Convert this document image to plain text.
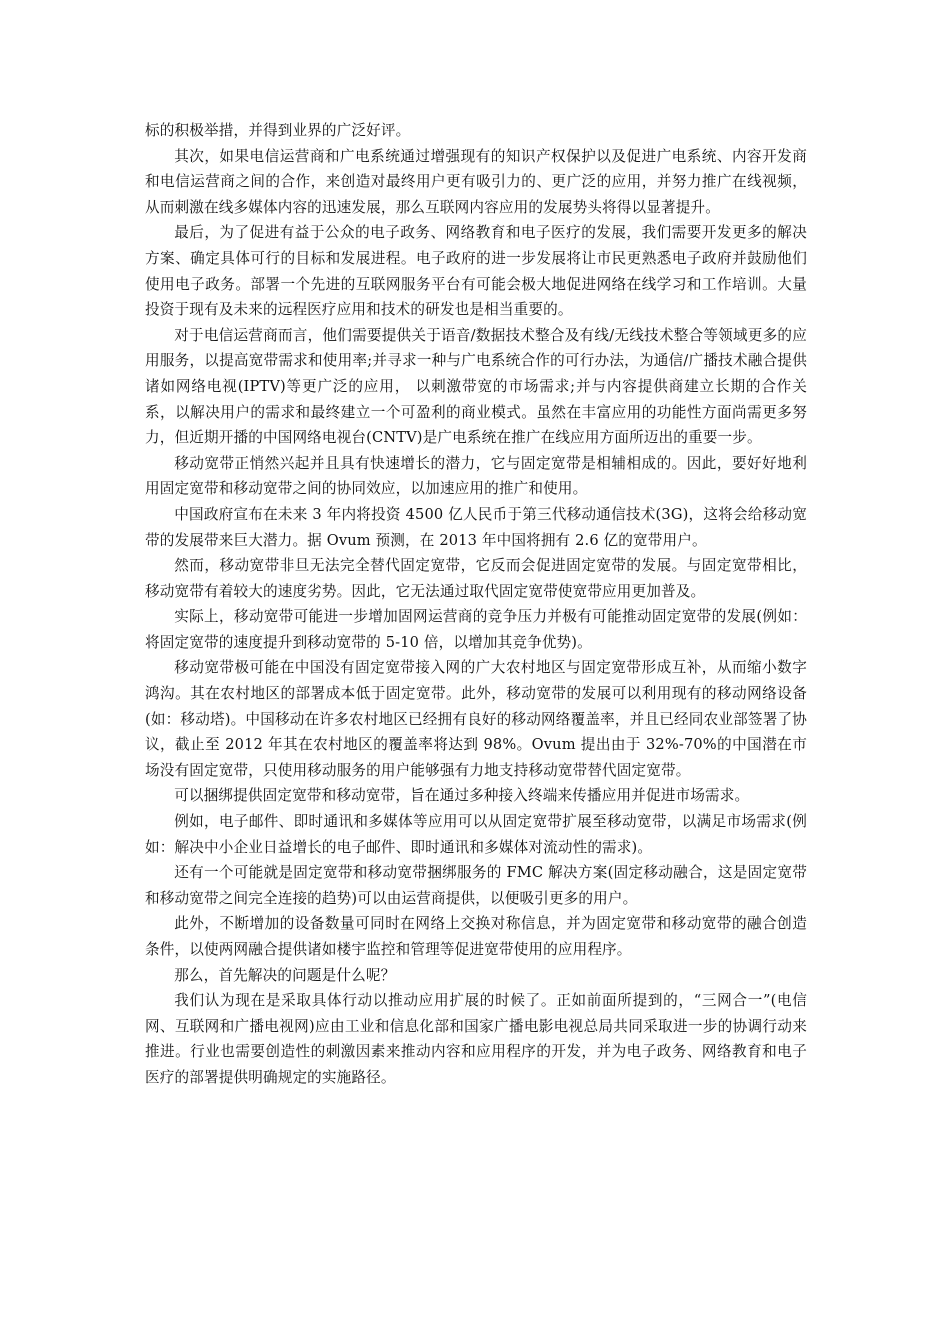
标的积极举措，并得到业界的广泛好评。

其次，如果电信运营商和广电系统通过增强现有的知识产权保护以及促进广电系统、内容开发商和电信运营商之间的合作，来创造对最终用户更有吸引力的、更广泛的应用，并努力推广在线视频，从而刺激在线多媒体内容的迅速发展，那么互联网内容应用的发展势头将得以显著提升。

最后，为了促进有益于公众的电子政务、网络教育和电子医疗的发展，我们需要开发更多的解决方案、确定具体可行的目标和发展进程。电子政府的进一步发展将让市民更熟悉电子政府并鼓励他们使用电子政务。部署一个先进的互联网服务平台有可能会极大地促进网络在线学习和工作培训。大量投资于现有及未来的远程医疗应用和技术的研发也是相当重要的。

对于电信运营商而言，他们需要提供关于语音/数据技术整合及有线/无线技术整合等领域更多的应用服务，以提高宽带需求和使用率;并寻求一种与广电系统合作的可行办法，为通信/广播技术融合提供诸如网络电视(IPTV)等更广泛的应用， 以刺激带宽的市场需求;并与内容提供商建立长期的合作关系，以解决用户的需求和最终建立一个可盈利的商业模式。虽然在丰富应用的功能性方面尚需更多努力，但近期开播的中国网络电视台(CNTV)是广电系统在推广在线应用方面所迈出的重要一步。

移动宽带正悄然兴起并且具有快速增长的潜力，它与固定宽带是相辅相成的。因此，要好好地利用固定宽带和移动宽带之间的协同效应，以加速应用的推广和使用。

中国政府宣布在未来 3 年内将投资 4500 亿人民币于第三代移动通信技术(3G)，这将会给移动宽带的发展带来巨大潜力。据 Ovum 预测，在 2013 年中国将拥有 2.6 亿的宽带用户。

然而，移动宽带非旦无法完全替代固定宽带，它反而会促进固定宽带的发展。与固定宽带相比，移动宽带有着较大的速度劣势。因此，它无法通过取代固定宽带使宽带应用更加普及。

实际上，移动宽带可能进一步增加固网运营商的竞争压力并极有可能推动固定宽带的发展(例如：将固定宽带的速度提升到移动宽带的 5-10 倍，以增加其竞争优势)。

移动宽带极可能在中国没有固定宽带接入网的广大农村地区与固定宽带形成互补，从而缩小数字鸿沟。其在农村地区的部署成本低于固定宽带。此外，移动宽带的发展可以利用现有的移动网络设备(如：移动塔)。中国移动在许多农村地区已经拥有良好的移动网络覆盖率，并且已经同农业部签署了协议，截止至 2012 年其在农村地区的覆盖率将达到 98%。Ovum 提出由于 32%-70%的中国潜在市场没有固定宽带，只使用移动服务的用户能够强有力地支持移动宽带替代固定宽带。

可以捆绑提供固定宽带和移动宽带，旨在通过多种接入终端来传播应用并促进市场需求。

例如，电子邮件、即时通讯和多媒体等应用可以从固定宽带扩展至移动宽带，以满足市场需求(例如：解决中小企业日益增长的电子邮件、即时通讯和多媒体对流动性的需求)。

还有一个可能就是固定宽带和移动宽带捆绑服务的 FMC 解决方案(固定移动融合，这是固定宽带和移动宽带之间完全连接的趋势)可以由运营商提供，以便吸引更多的用户。

此外，不断增加的设备数量可同时在网络上交换对称信息，并为固定宽带和移动宽带的融合创造条件，以使两网融合提供诸如楼宇监控和管理等促进宽带使用的应用程序。

那么，首先解决的问题是什么呢？

我们认为现在是采取具体行动以推动应用扩展的时候了。正如前面所提到的，“三网合一”(电信网、互联网和广播电视网)应由工业和信息化部和国家广播电影电视总局共同采取进一步的协调行动来推进。行业也需要创造性的刺激因素来推动内容和应用程序的开发，并为电子政务、网络教育和电子医疗的部署提供明确规定的实施路径。
